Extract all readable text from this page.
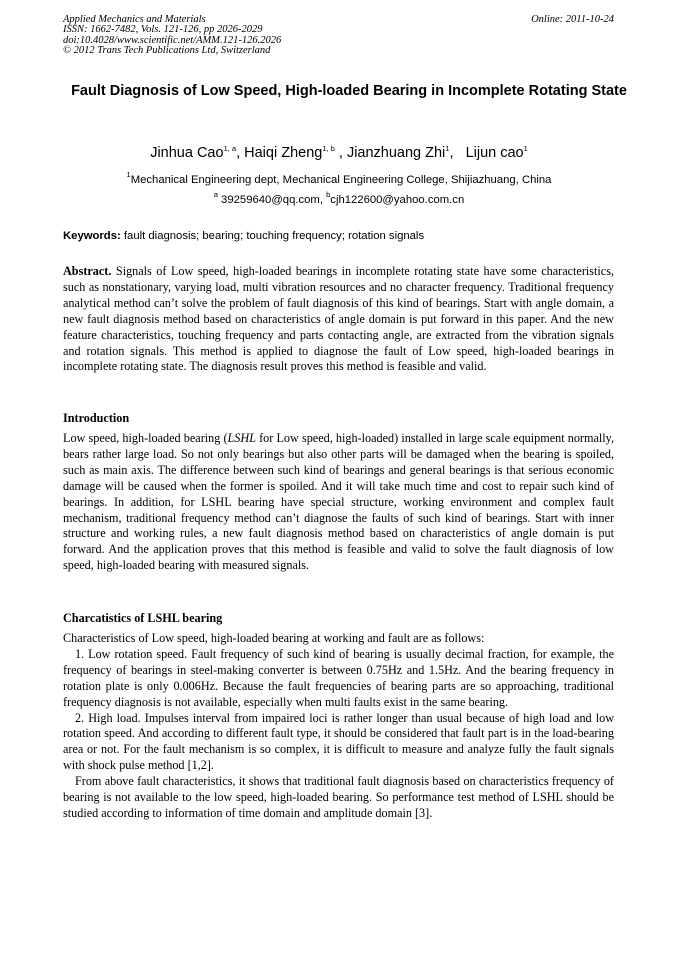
Applied Mechanics and Materials
ISSN: 1662-7482, Vols. 121-126, pp 2026-2029
doi:10.4028/www.scientific.net/AMM.121-126.2026
© 2012 Trans Tech Publications Ltd, Switzerland
Online: 2011-10-24
Fault Diagnosis of Low Speed, High-loaded Bearing in Incomplete Rotating State
Jinhua Cao$^{1, a}$, Haiqi Zheng$^{1, b}$ , Jianzhuang Zhi$^1$,   Lijun cao$^1$
$^1$Mechanical Engineering dept, Mechanical Engineering College, Shijiazhuang, China
$^a$ 39259640@qq.com, $^b$cjh122600@yahoo.com.cn
Keywords: fault diagnosis; bearing; touching frequency; rotation signals

Abstract. Signals of Low speed, high-loaded bearings in incomplete rotating state have some characteristics, such as nonstationary, varying load, multi vibration resources and no character frequency. Traditional frequency analytical method can’t solve the problem of fault diagnosis of this kind of bearings. Start with angle domain, a new fault diagnosis method based on characteristics of angle domain is put forward in this paper. And the new feature characteristics, touching frequency and parts contacting angle, are extracted from the vibration signals and rotation signals. This method is applied to diagnose the fault of Low speed, high-loaded bearings in incomplete rotating state. The diagnosis result proves this method is feasible and valid.

Introduction

Low speed, high-loaded bearing (LSHL for Low speed, high-loaded) installed in large scale equipment normally, bears rather large load. So not only bearings but also other parts will be damaged when the bearing is spoiled, such as main axis. The difference between such kind of bearings and general bearings is that serious economic damage will be caused when the former is spoiled. And it will take much time and cost to repair such kind of bearings. In addition, for LSHL bearing have special structure, working environment and complex fault mechanism, traditional frequency method can’t diagnose the faults of such kind of bearings. Start with inner structure and working rules, a new fault diagnosis method based on characteristics of angle domain is put forward. And the application proves that this method is feasible and valid to solve the fault diagnosis of low speed, high-loaded bearing with measured signals.

Charcatistics of LSHL bearing

Characteristics of Low speed, high-loaded bearing at working and fault are as follows:

1. Low rotation speed. Fault frequency of such kind of bearing is usually decimal fraction, for example, the frequency of bearings in steel-making converter is between 0.75Hz and 1.5Hz. And the bearing frequency in rotation plate is only 0.006Hz. Because the fault frequencies of bearing parts are so approaching, traditional frequency diagnosis is not available, especially when multi faults exist in the same bearing.

2. High load. Impulses interval from impaired loci is rather longer than usual because of high load and low rotation speed. And according to different fault type, it should be considered that fault part is in the load-bearing area or not. For the fault mechanism is so complex, it is difficult to measure and analyze fully the fault signals with shock pulse method [1,2].

From above fault characteristics, it shows that traditional fault diagnosis based on characteristics frequency of bearing is not available to the low speed, high-loaded bearing. So performance test method of LSHL should be studied according to information of time domain and amplitude domain [3].
